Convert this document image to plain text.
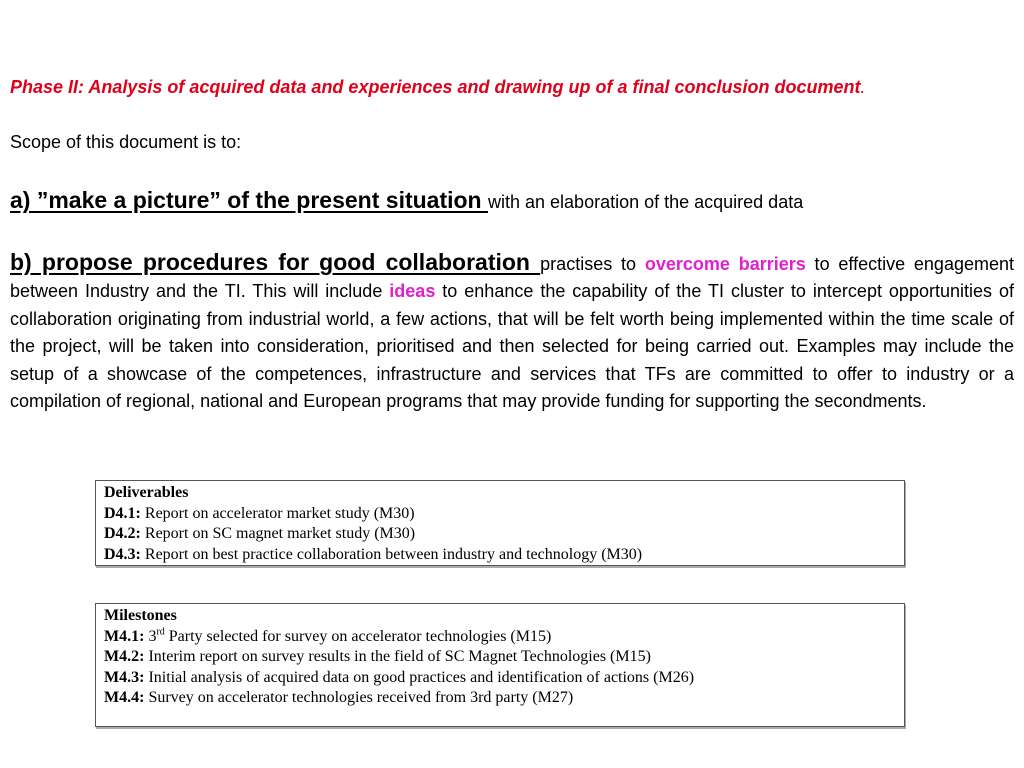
Phase II: Analysis of acquired data and experiences and drawing up of a final conclusion document.
Scope of this document is to:
a) ”make a picture” of the present situation with an elaboration of the acquired data
b) propose procedures for good collaboration practises to overcome barriers to effective engagement between Industry and the TI. This will include ideas to enhance the capability of the TI cluster to intercept opportunities of collaboration originating from industrial world, a few actions, that will be felt worth being implemented within the time scale of the project, will be taken into consideration, prioritised and then selected for being carried out. Examples may include the setup of a showcase of the competences, infrastructure and services that TFs are committed to offer to industry or a compilation of regional, national and European programs that may provide funding for supporting the secondments.
Deliverables
D4.1: Report on accelerator market study (M30)
D4.2: Report on SC magnet market study (M30)
D4.3: Report on best practice collaboration between industry and technology (M30)
Milestones
M4.1: 3rd Party selected for survey on accelerator technologies (M15)
M4.2: Interim report on survey results in the field of SC Magnet Technologies (M15)
M4.3: Initial analysis of acquired data on good practices and identification of actions (M26)
M4.4: Survey on accelerator technologies received from 3rd party (M27)
